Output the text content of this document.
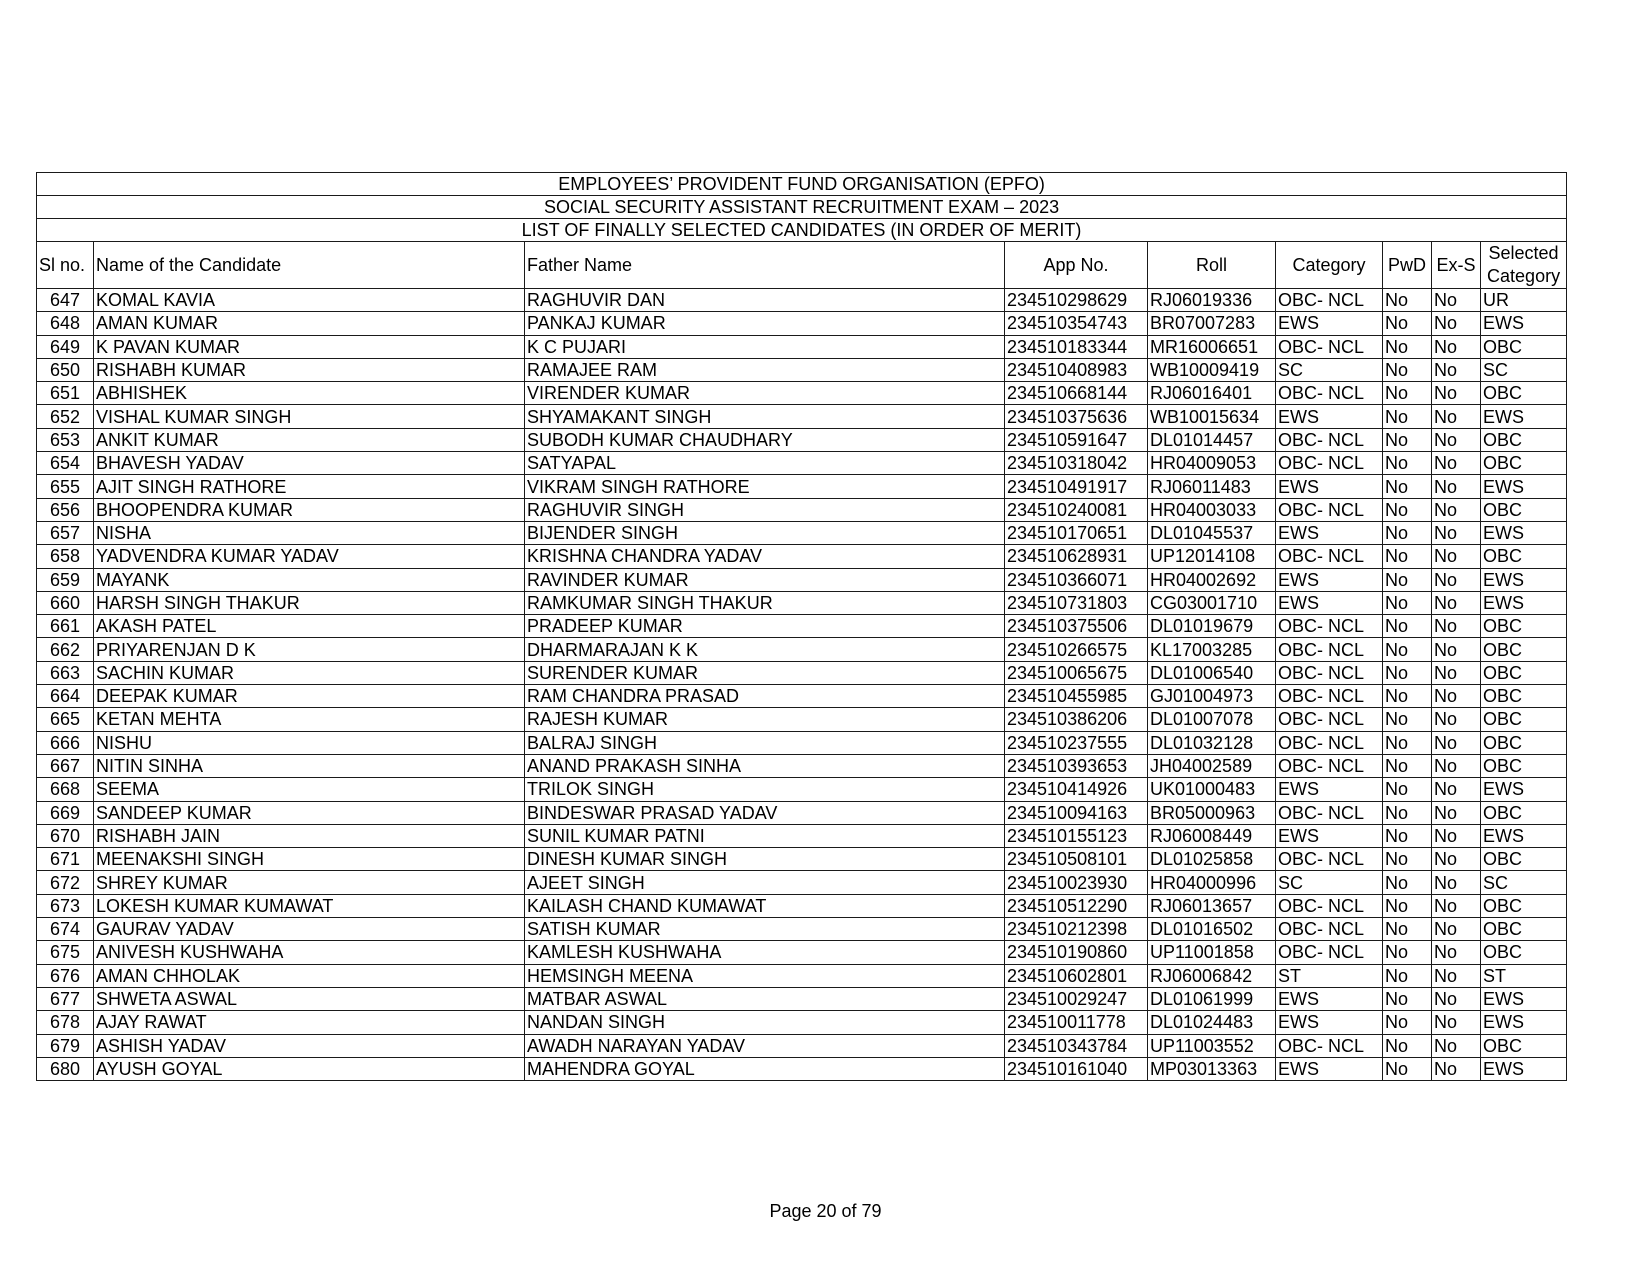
EMPLOYEES’ PROVIDENT FUND ORGANISATION (EPFO)								
SOCIAL SECURITY ASSISTANT RECRUITMENT EXAM – 2023								
LIST OF FINALLY SELECTED CANDIDATES (IN ORDER OF MERIT)								
Sl no.	Name of the Candidate	Father Name	App No.	Roll	Category	PwD	Ex-S	Selected
Category
647	KOMAL KAVIA	RAGHUVIR DAN	234510298629	RJ06019336	OBC- NCL	No	No	UR
648	AMAN KUMAR	PANKAJ KUMAR	234510354743	BR07007283	EWS	No	No	EWS
649	K PAVAN KUMAR	K C PUJARI	234510183344	MR16006651	OBC- NCL	No	No	OBC
650	RISHABH KUMAR	RAMAJEE RAM	234510408983	WB10009419	SC	No	No	SC
651	ABHISHEK	VIRENDER KUMAR	234510668144	RJ06016401	OBC- NCL	No	No	OBC
652	VISHAL KUMAR SINGH	SHYAMAKANT SINGH	234510375636	WB10015634	EWS	No	No	EWS
653	ANKIT KUMAR	SUBODH KUMAR CHAUDHARY	234510591647	DL01014457	OBC- NCL	No	No	OBC
654	BHAVESH YADAV	SATYAPAL	234510318042	HR04009053	OBC- NCL	No	No	OBC
655	AJIT SINGH RATHORE	VIKRAM SINGH RATHORE	234510491917	RJ06011483	EWS	No	No	EWS
656	BHOOPENDRA KUMAR	RAGHUVIR SINGH	234510240081	HR04003033	OBC- NCL	No	No	OBC
657	NISHA	BIJENDER SINGH	234510170651	DL01045537	EWS	No	No	EWS
658	YADVENDRA KUMAR YADAV	KRISHNA CHANDRA YADAV	234510628931	UP12014108	OBC- NCL	No	No	OBC
659	MAYANK	RAVINDER KUMAR	234510366071	HR04002692	EWS	No	No	EWS
660	HARSH SINGH THAKUR	RAMKUMAR SINGH THAKUR	234510731803	CG03001710	EWS	No	No	EWS
661	AKASH PATEL	PRADEEP KUMAR	234510375506	DL01019679	OBC- NCL	No	No	OBC
662	PRIYARENJAN D K	DHARMARAJAN K K	234510266575	KL17003285	OBC- NCL	No	No	OBC
663	SACHIN KUMAR	SURENDER KUMAR	234510065675	DL01006540	OBC- NCL	No	No	OBC
664	DEEPAK KUMAR	RAM CHANDRA PRASAD	234510455985	GJ01004973	OBC- NCL	No	No	OBC
665	KETAN MEHTA	RAJESH KUMAR	234510386206	DL01007078	OBC- NCL	No	No	OBC
666	NISHU	BALRAJ SINGH	234510237555	DL01032128	OBC- NCL	No	No	OBC
667	NITIN SINHA	ANAND PRAKASH SINHA	234510393653	JH04002589	OBC- NCL	No	No	OBC
668	SEEMA	TRILOK SINGH	234510414926	UK01000483	EWS	No	No	EWS
669	SANDEEP KUMAR	BINDESWAR PRASAD YADAV	234510094163	BR05000963	OBC- NCL	No	No	OBC
670	RISHABH JAIN	SUNIL KUMAR PATNI	234510155123	RJ06008449	EWS	No	No	EWS
671	MEENAKSHI SINGH	DINESH KUMAR SINGH	234510508101	DL01025858	OBC- NCL	No	No	OBC
672	SHREY KUMAR	AJEET SINGH	234510023930	HR04000996	SC	No	No	SC
673	LOKESH KUMAR KUMAWAT	KAILASH CHAND KUMAWAT	234510512290	RJ06013657	OBC- NCL	No	No	OBC
674	GAURAV YADAV	SATISH KUMAR	234510212398	DL01016502	OBC- NCL	No	No	OBC
675	ANIVESH KUSHWAHA	KAMLESH KUSHWAHA	234510190860	UP11001858	OBC- NCL	No	No	OBC
676	AMAN CHHOLAK	HEMSINGH MEENA	234510602801	RJ06006842	ST	No	No	ST
677	SHWETA ASWAL	MATBAR ASWAL	234510029247	DL01061999	EWS	No	No	EWS
678	AJAY RAWAT	NANDAN SINGH	234510011778	DL01024483	EWS	No	No	EWS
679	ASHISH YADAV	AWADH NARAYAN YADAV	234510343784	UP11003552	OBC- NCL	No	No	OBC
680	AYUSH GOYAL	MAHENDRA GOYAL	234510161040	MP03013363	EWS	No	No	EWS
Page 20 of 79
